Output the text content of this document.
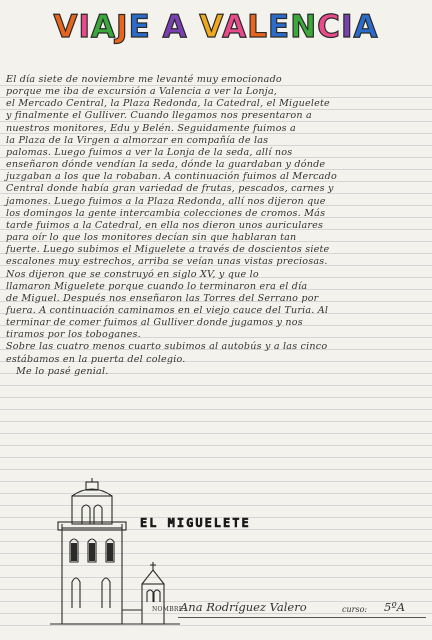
VIAJE A VALENCIA

El día siete de noviembre me levanté muy emocionado

porque me iba de excursión a Valencia a ver la Lonja,

el Mercado Central, la Plaza Redonda, la Catedral, el Miguelete

y finalmente el Gulliver. Cuando llegamos nos presentaron a

nuestros monitores, Edu y Belén. Seguidamente fuimos a

la Plaza de la Virgen a almorzar en compañía de las

palomas. Luego fuimos a ver la Lonja de la seda, allí nos

enseñaron dónde vendían la seda, dónde la guardaban y dónde

juzgaban a los que la robaban. A continuación fuimos al Mercado

Central donde había gran variedad de frutas, pescados, carnes y

jamones. Luego fuimos a la Plaza Redonda, allí nos dijeron que

los domingos la gente intercambia colecciones de cromos. Más

tarde fuimos a la Catedral, en ella nos dieron unos auriculares

para oír lo que los monitores decían sin que hablaran tan

fuerte. Luego subimos el Miguelete a través de doscientos siete

escalones muy estrechos, arriba se veían unas vistas preciosas.

Nos dijeron que se construyó en siglo XV, y que lo

llamaron Miguelete porque cuando lo terminaron era el día

de Miguel. Después nos enseñaron las Torres del Serrano por

fuera. A continuación caminamos en el viejo cauce del Turia. Al

terminar de comer fuimos al Gulliver donde jugamos y nos

tiramos por los toboganes.

Sobre las cuatro menos cuarto subimos al autobús y a las cinco

estábamos en la puerta del colegio.

Me lo pasé genial.

EL MIGUELETE
NOMBRE:
Ana Rodríguez Valero	curso: 5ºA
